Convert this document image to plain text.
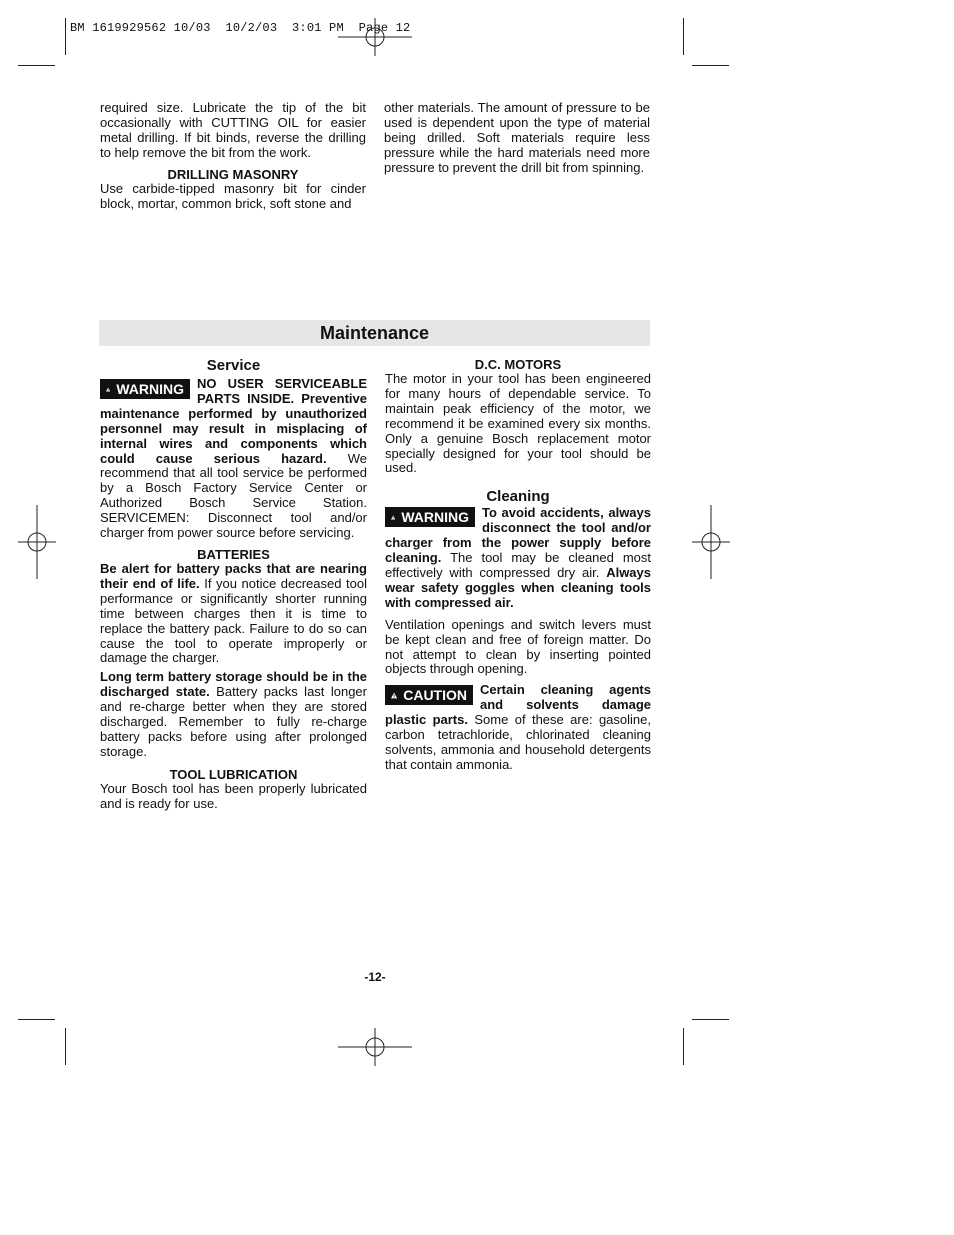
BM 1619929562 10/03  10/2/03  3:01 PM  Page 12

required size. Lubricate the tip of the bit occasionally with CUTTING OIL for easier metal drilling. If bit binds, reverse the drilling to help remove the bit from the work.

DRILLING MASONRY

Use carbide-tipped masonry bit for cinder block, mortar, common brick, soft stone and

other materials. The amount of pressure to be used is dependent upon the type of material being drilled. Soft materials require less pressure while the hard materials need more pressure to prevent the drill bit from spinning.

Maintenance

Service

WARNING NO USER SERVICEABLE PARTS INSIDE. Preventive maintenance performed by unauthorized personnel may result in misplacing of internal wires and components which could cause serious hazard. We recommend that all tool service be performed by a Bosch Factory Service Center or Authorized Bosch Service Station. SERVICEMEN: Disconnect tool and/or charger from power source before servicing.

BATTERIES

Be alert for battery packs that are nearing their end of life. If you notice decreased tool performance or significantly shorter running time between charges then it is time to replace the battery pack. Failure to do so can cause the tool to operate improperly or damage the charger.

Long term battery storage should be in the discharged state. Battery packs last longer and re-charge better when they are stored discharged. Remember to fully re-charge battery packs before using after prolonged storage.

TOOL LUBRICATION

Your Bosch tool has been properly lubricated and is ready for use.

D.C. MOTORS

The motor in your tool has been engineered for many hours of dependable service. To maintain peak efficiency of the motor, we recommend it be examined every six months. Only a genuine Bosch replacement motor specially designed for your tool should be used.

Cleaning

WARNING To avoid accidents, always disconnect the tool and/or charger from the power supply before cleaning. The tool may be cleaned most effectively with compressed dry air. Always wear safety goggles when cleaning tools with compressed air.

Ventilation openings and switch levers must be kept clean and free of foreign matter. Do not attempt to clean by inserting pointed objects through opening.

CAUTION Certain cleaning agents and solvents damage plastic parts. Some of these are: gasoline, carbon tetrachloride, chlorinated cleaning solvents, ammonia and household detergents that contain ammonia.

-12-
